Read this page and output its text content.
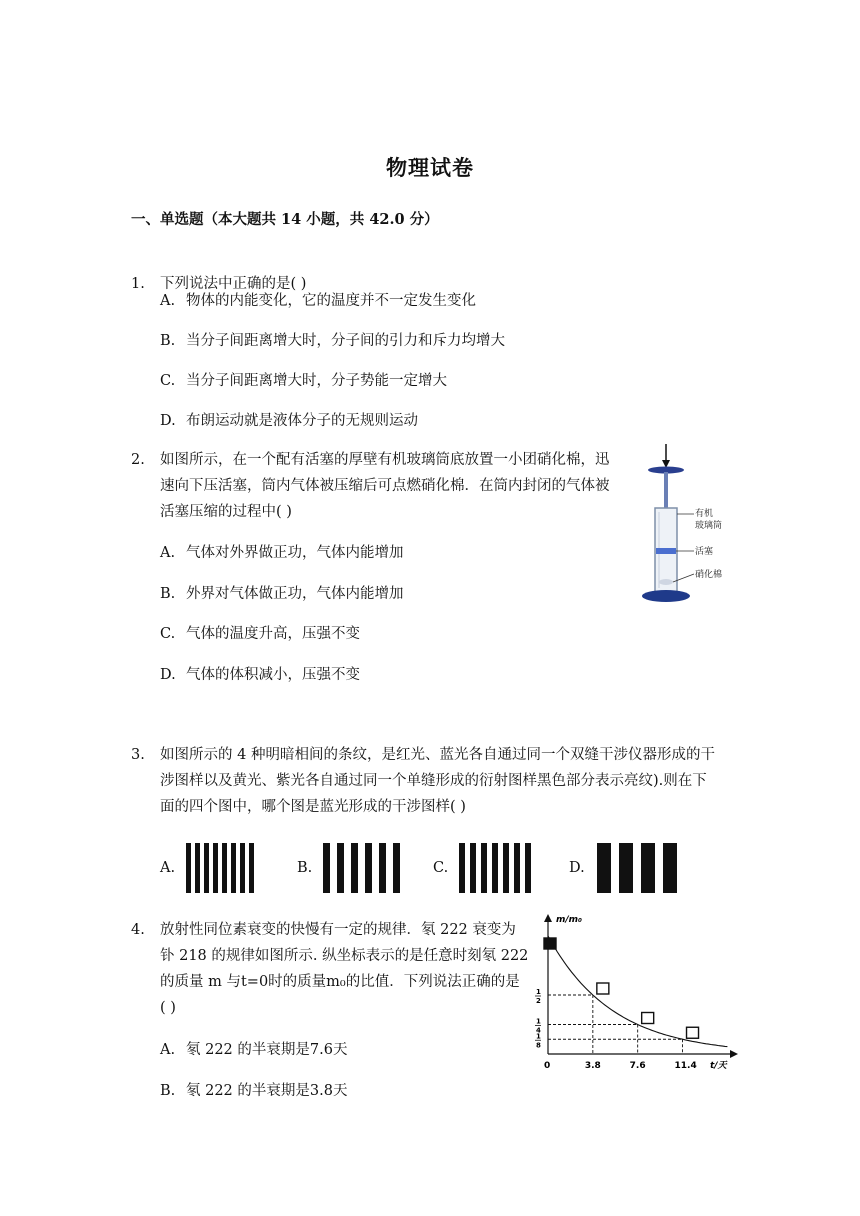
物理试卷
一、单选题（本大题共 14 小题，共 42.0 分）
1. 下列说法中正确的是( )
A. 物体的内能变化，它的温度并不一定发生变化
B. 当分子间距离增大时，分子间的引力和斥力均增大
C. 当分子间距离增大时，分子势能一定增大
D. 布朗运动就是液体分子的无规则运动
2. 如图所示，在一个配有活塞的厚壁有机玻璃筒底放置一小团硝化棉，迅
速向下压活塞，筒内气体被压缩后可点燃硝化棉．在筒内封闭的气体被
活塞压缩的过程中( )
A. 气体对外界做正功，气体内能增加
B. 外界对气体做正功，气体内能增加
C. 气体的温度升高，压强不变
D. 气体的体积减小，压强不变
有机
玻璃筒
活塞
硝化棉
3. 如图所示的 4 种明暗相间的条纹，是红光、蓝光各自通过同一个双缝干涉仪器形成的干
涉图样以及黄光、紫光各自通过同一个单缝形成的衍射图样黑色部分表示亮纹).则在下
面的四个图中，哪个图是蓝光形成的干涉图样( )
A.	B.	C.	D.
4. 放射性同位素衰变的快慢有一定的规律．氡 222 衰变为
钋 218 的规律如图所示. 纵坐标表示的是任意时刻氡 222
的质量 m 与t=0时的质量m₀的比值．下列说法正确的是
( )
A. 氡 222 的半衰期是7.6天
B. 氡 222 的半衰期是3.8天
m/m₀
t/天
0	3.8	7.6	11.4
1
2
1
4
1
8
